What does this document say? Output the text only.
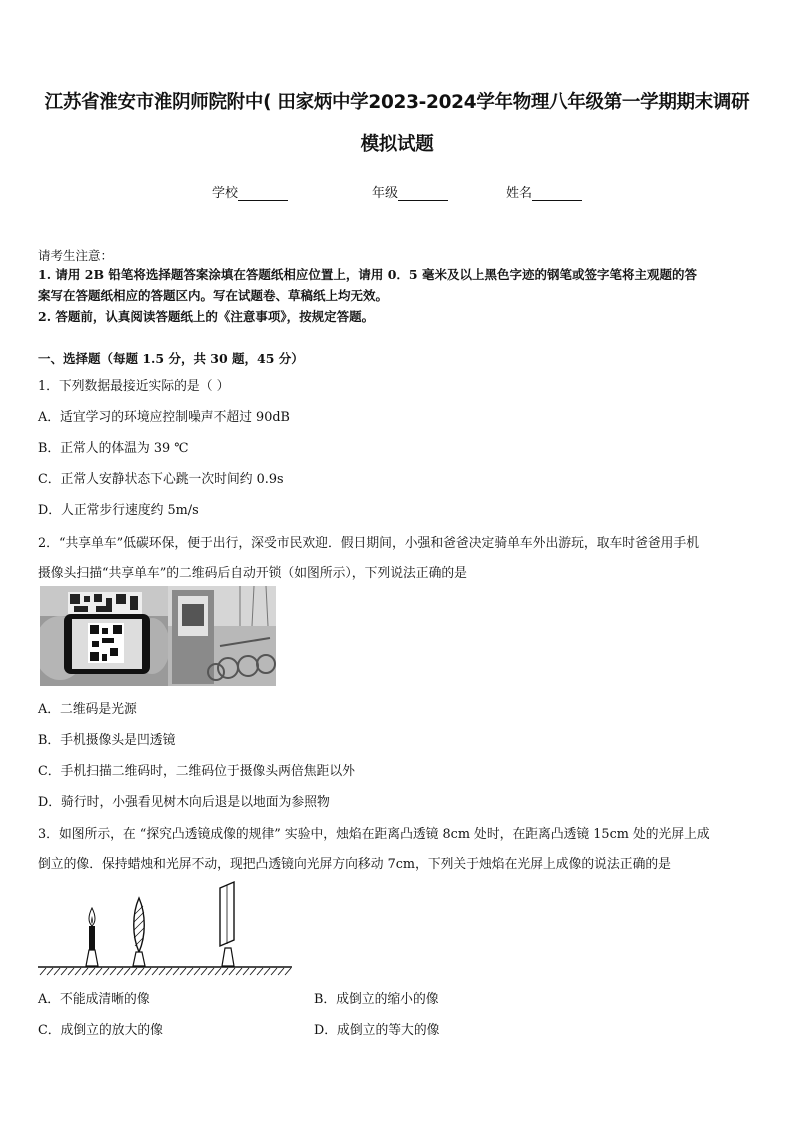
江苏省淮安市淮阴师院附中( 田家炳中学2023-2024学年物理八年级第一学期期末调研
模拟试题
学校	年级	姓名
请考生注意：
1. 请用 2B 铅笔将选择题答案涂填在答题纸相应位置上，请用 0．5 毫米及以上黑色字迹的钢笔或签字笔将主观题的答
案写在答题纸相应的答题区内。写在试题卷、草稿纸上均无效。
2. 答题前，认真阅读答题纸上的《注意事项》，按规定答题。
一、选择题（每题 1.5 分，共 30 题，45 分）
1．下列数据最接近实际的是（ ）
A．适宜学习的环境应控制噪声不超过 90dB
B．正常人的体温为 39 ℃
C．正常人安静状态下心跳一次时间约 0.9s
D．人正常步行速度约 5m/s
2．“共享单车”低碳环保，便于出行，深受市民欢迎．假日期间，小强和爸爸决定骑单车外出游玩，取车时爸爸用手机
摄像头扫描“共享单车”的二维码后自动开锁（如图所示），下列说法正确的是
A．二维码是光源
B．手机摄像头是凹透镜
C．手机扫描二维码时，二维码位于摄像头两倍焦距以外
D．骑行时，小强看见树木向后退是以地面为参照物
3．如图所示，在 “探究凸透镜成像的规律” 实验中，烛焰在距离凸透镜 8cm 处时，在距离凸透镜 15cm 处的光屏上成
倒立的像．保持蜡烛和光屏不动，现把凸透镜向光屏方向移动 7cm，下列关于烛焰在光屏上成像的说法正确的是
A．不能成清晰的像	B．成倒立的缩小的像
C．成倒立的放大的像	D．成倒立的等大的像
